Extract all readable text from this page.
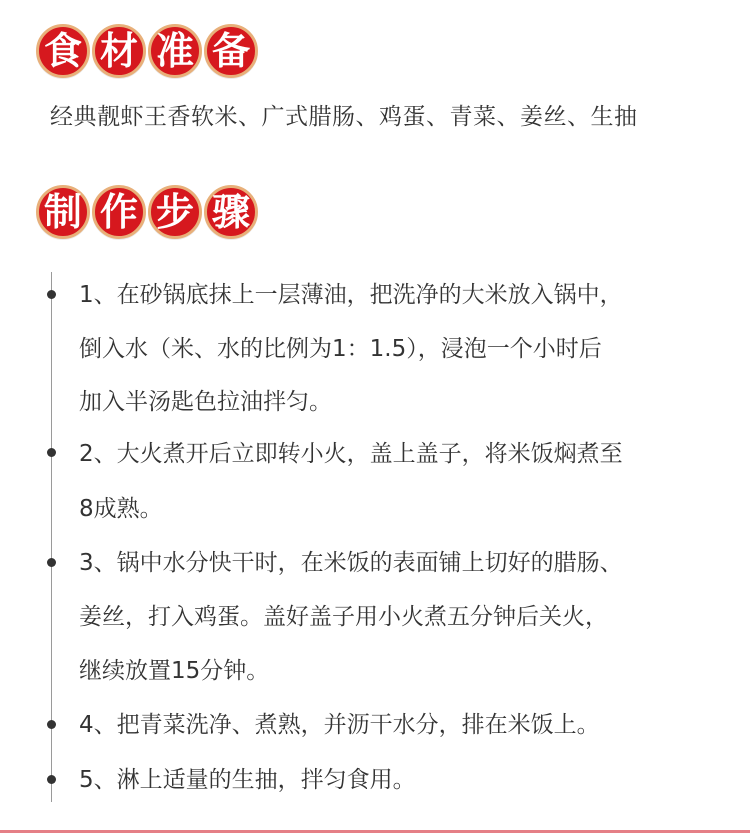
食 材 准 备
经典靓虾王香软米、广式腊肠、鸡蛋、青菜、姜丝、生抽
制 作 步 骤
1、在砂锅底抹上一层薄油，把洗净的大米放入锅中，
倒入水（米、水的比例为1：1.5），浸泡一个小时后
加入半汤匙色拉油拌匀。
2、大火煮开后立即转小火，盖上盖子，将米饭焖煮至
8成熟。
3、锅中水分快干时，在米饭的表面铺上切好的腊肠、
姜丝，打入鸡蛋。盖好盖子用小火煮五分钟后关火，
继续放置15分钟。
4、把青菜洗净、煮熟，并沥干水分，排在米饭上。
5、淋上适量的生抽，拌匀食用。
